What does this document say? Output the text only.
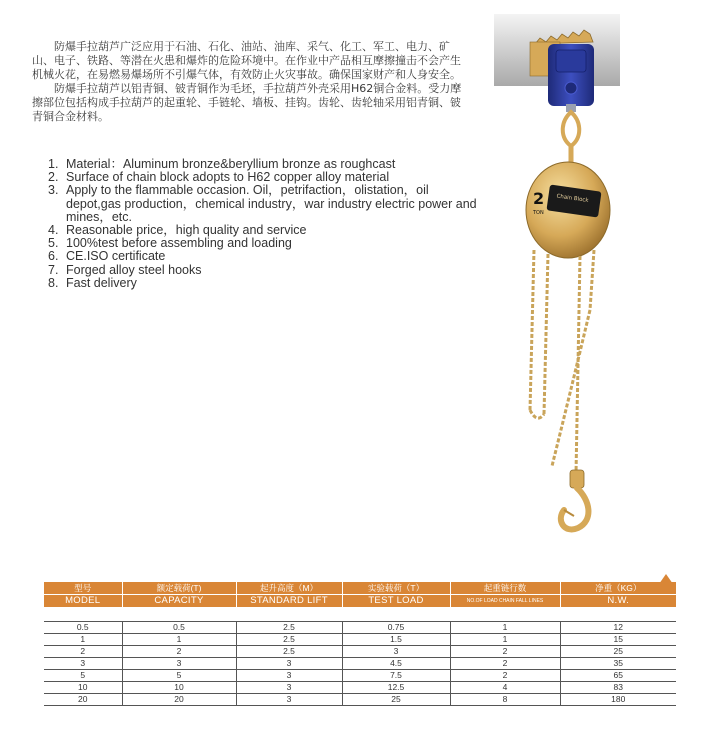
防爆手拉葫芦广泛应用于石油、石化、油站、油库、采气、化工、军工、电力、矿山、电子、铁路、等潜在火患和爆炸的危险环境中。在作业中产品相互摩擦撞击不会产生机械火花，在易燃易爆场所不引爆气体，有效防止火灾事故。确保国家财产和人身安全。

防爆手拉葫芦以铝青铜、铍青铜作为毛坯，手拉葫芦外壳采用H62铜合金料。受力摩擦部位包括构成手拉葫芦的起重轮、手链轮、墙板、挂钩。齿轮、齿轮轴采用铝青铜、铍青铜合金材料。

1. Material：Aluminum bronze&beryllium bronze as roughcast
2. Surface of chain block adopts to H62 copper alloy material
3. Apply to the flammable occasion. Oil，petrifaction，olistation，oil depot,gas production，chemical industry，war industry electric power and mines，etc.
4. Reasonable price，high quality and service
5. 100%test before assembling and loading
6. CE.ISO certificate
7. Forged alloy steel hooks
8. Fast delivery
2
TON
Chain Block
型号	额定载荷(T)	起升高度（M）	实验载荷（T）	起重链行数	净重（KG）
MODEL	CAPACITY	STANDARD LIFT	TEST LOAD	NO.OF LOAD CHAIN FALL LINES	N.W.

0.5	0.5	2.5	0.75	1	12
1	1	2.5	1.5	1	15
2	2	2.5	3	2	25
3	3	3	4.5	2	35
5	5	3	7.5	2	65
10	10	3	12.5	4	83
20	20	3	25	8	180
